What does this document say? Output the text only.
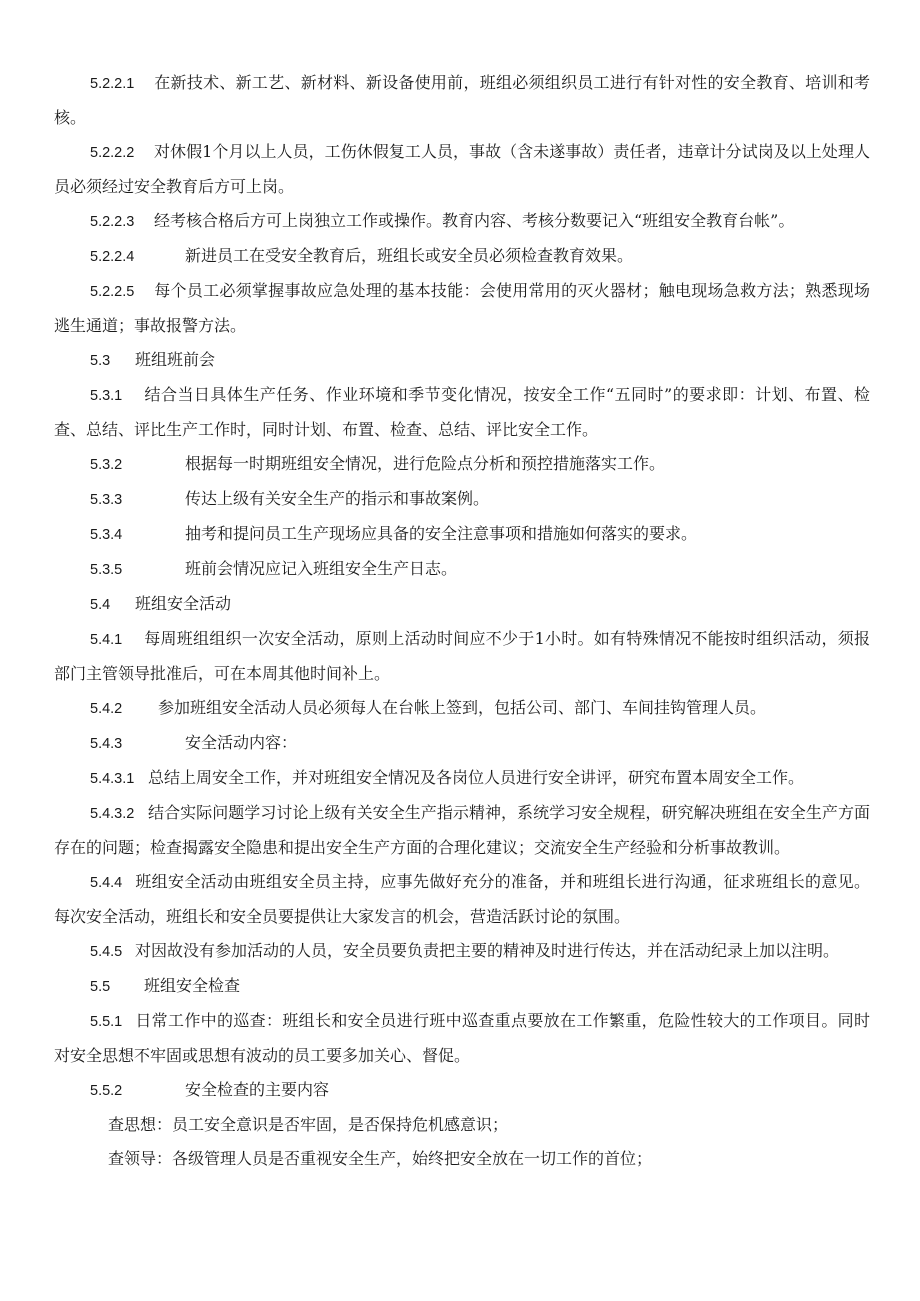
5.2.2.1 在新技术、新工艺、新材料、新设备使用前，班组必须组织员工进行有针对性的安全教育、培训和考核。

5.2.2.2 对休假1个月以上人员，工伤休假复工人员，事故（含未遂事故）责任者，违章计分试岗及以上处理人员必须经过安全教育后方可上岗。

5.2.2.3 经考核合格后方可上岗独立工作或操作。教育内容、考核分数要记入“班组安全教育台帐”。

5.2.2.4	新进员工在受安全教育后，班组长或安全员必须检查教育效果。

5.2.2.5 每个员工必须掌握事故应急处理的基本技能：会使用常用的灭火器材；触电现场急救方法；熟悉现场逃生通道；事故报警方法。

5.3 班组班前会

5.3.1 结合当日具体生产任务、作业环境和季节变化情况，按安全工作“五同时”的要求即：计划、布置、检查、总结、评比生产工作时，同时计划、布置、检查、总结、评比安全工作。

5.3.2	根据每一时期班组安全情况，进行危险点分析和预控措施落实工作。

5.3.3	传达上级有关安全生产的指示和事故案例。

5.3.4	抽考和提问员工生产现场应具备的安全注意事项和措施如何落实的要求。

5.3.5	班前会情况应记入班组安全生产日志。

5.4 班组安全活动

5.4.1 每周班组组织一次安全活动，原则上活动时间应不少于1小时。如有特殊情况不能按时组织活动，须报部门主管领导批准后，可在本周其他时间补上。

5.4.2 参加班组安全活动人员必须每人在台帐上签到，包括公司、部门、车间挂钩管理人员。

5.4.3	安全活动内容：

5.4.3.1 总结上周安全工作，并对班组安全情况及各岗位人员进行安全讲评，研究布置本周安全工作。

5.4.3.2 结合实际问题学习讨论上级有关安全生产指示精神，系统学习安全规程，研究解决班组在安全生产方面存在的问题；检查揭露安全隐患和提出安全生产方面的合理化建议；交流安全生产经验和分析事故教训。

5.4.4 班组安全活动由班组安全员主持，应事先做好充分的准备，并和班组长进行沟通，征求班组长的意见。每次安全活动，班组长和安全员要提供让大家发言的机会，营造活跃讨论的氛围。

5.4.5 对因故没有参加活动的人员，安全员要负责把主要的精神及时进行传达，并在活动纪录上加以注明。

5.5 班组安全检查

5.5.1 日常工作中的巡查：班组长和安全员进行班中巡查重点要放在工作繁重，危险性较大的工作项目。同时对安全思想不牢固或思想有波动的员工要多加关心、督促。

5.5.2	安全检查的主要内容

查思想：员工安全意识是否牢固，是否保持危机感意识；

查领导：各级管理人员是否重视安全生产，始终把安全放在一切工作的首位；
